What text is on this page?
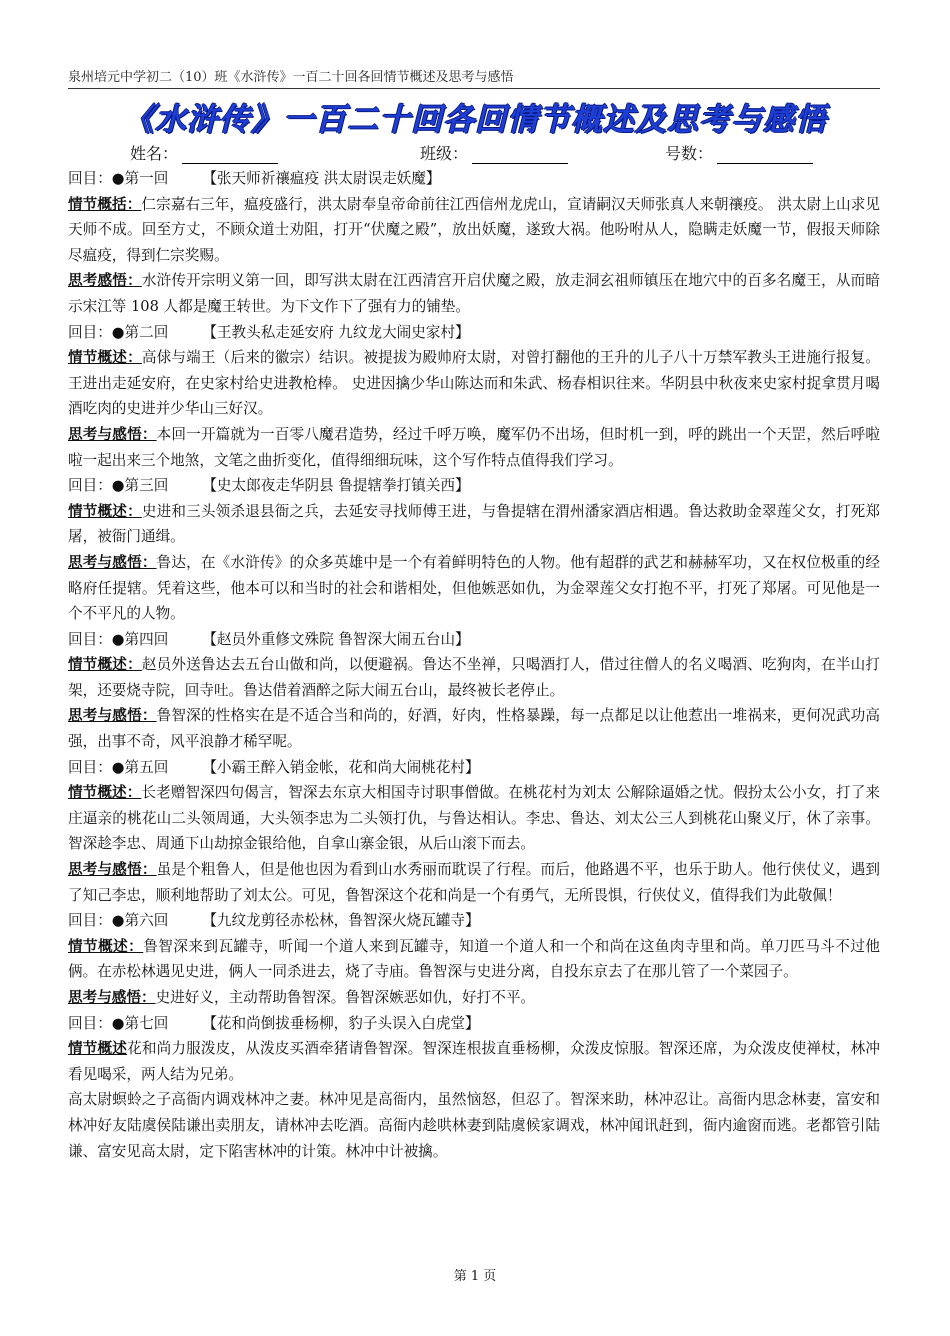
泉州培元中学初二（10）班《水浒传》一百二十回各回情节概述及思考与感悟
《水浒传》一百二十回各回情节概述及思考与感悟
姓名：	班级：	号数：

回目：●第一回 【张天师祈禳瘟疫 洪太尉误走妖魔】

情节概括：仁宗嘉右三年，瘟疫盛行，洪太尉奉皇帝命前往江西信州龙虎山，宣请嗣汉天师张真人来朝禳疫。 洪太尉上山求见天师不成。回至方丈，不顾众道士劝阻，打开“伏魔之殿”，放出妖魔，遂致大祸。他吩咐从人，隐瞒走妖魔一节，假报天师除尽瘟疫，得到仁宗奖赐。

思考感悟：水浒传开宗明义第一回，即写洪太尉在江西清宫开启伏魔之殿，放走洞玄祖师镇压在地穴中的百多名魔王，从而暗示宋江等 108 人都是魔王转世。为下文作下了强有力的铺垫。

回目：●第二回 【王教头私走延安府 九纹龙大闹史家村】

情节概述：高俅与端王（后来的徽宗）结识。被提拔为殿帅府太尉，对曾打翻他的王升的儿子八十万禁军教头王进施行报复。 王进出走延安府，在史家村给史进教枪棒。 史进因擒少华山陈达而和朱武、杨春相识往来。华阴县中秋夜来史家村捉拿贯月喝酒吃肉的史进并少华山三好汉。

思考与感悟：本回一开篇就为一百零八魔君造势，经过千呼万唤，魔军仍不出场，但时机一到，呼的跳出一个天罡，然后呼啦啦一起出来三个地煞，文笔之曲折变化，值得细细玩味，这个写作特点值得我们学习。

回目：●第三回 【史太郎夜走华阴县 鲁提辖拳打镇关西】

情节概述：史进和三头领杀退县衙之兵，去延安寻找师傅王进，与鲁提辖在渭州潘家酒店相遇。鲁达救助金翠莲父女，打死郑屠，被衙门通缉。

思考与感悟：鲁达，在《水浒传》的众多英雄中是一个有着鲜明特色的人物。他有超群的武艺和赫赫军功，又在权位极重的经略府任提辖。凭着这些，他本可以和当时的社会和谐相处，但他嫉恶如仇，为金翠莲父女打抱不平，打死了郑屠。可见他是一个不平凡的人物。

回目：●第四回 【赵员外重修文殊院 鲁智深大闹五台山】

情节概述：赵员外送鲁达去五台山做和尚，以便避祸。鲁达不坐禅，只喝酒打人，借过往僧人的名义喝酒、吃狗肉，在半山打架，还要烧寺院，回寺吐。鲁达借着酒醉之际大闹五台山，最终被长老停止。

思考与感悟：鲁智深的性格实在是不适合当和尚的，好酒，好肉，性格暴躁，每一点都足以让他惹出一堆祸来，更何况武功高强，出事不奇，风平浪静才稀罕呢。

回目：●第五回 【小霸王醉入销金帐，花和尚大闹桃花村】

情节概述：长老赠智深四句偈言，智深去东京大相国寺讨职事僧做。在桃花村为刘太 公解除逼婚之忧。假扮太公小女，打了来庄逼亲的桃花山二头领周通，大头领李忠为二头领打仇，与鲁达相认。李忠、鲁达、刘太公三人到桃花山聚义厅，休了亲事。智深趁李忠、周通下山劫掠金银给他，自拿山寨金银，从后山滚下而去。

思考与感悟：虽是个粗鲁人，但是他也因为看到山水秀丽而耽误了行程。而后，他路遇不平，也乐于助人。他行侠仗义，遇到了知己李忠，顺利地帮助了刘太公。可见，鲁智深这个花和尚是一个有勇气，无所畏惧，行侠仗义，值得我们为此敬佩！

回目：●第六回 【九纹龙剪径赤松林，鲁智深火烧瓦罐寺】

情节概述：鲁智深来到瓦罐寺，听闻一个道人来到瓦罐寺，知道一个道人和一个和尚在这鱼肉寺里和尚。单刀匹马斗不过他俩。在赤松林遇见史进，俩人一同杀进去，烧了寺庙。鲁智深与史进分离，自投东京去了在那儿管了一个菜园子。

思考与感悟：史进好义，主动帮助鲁智深。鲁智深嫉恶如仇，好打不平。

回目：●第七回 【花和尚倒拔垂杨柳，豹子头误入白虎堂】

情节概述花和尚力服泼皮，从泼皮买酒牵猪请鲁智深。智深连根拔直垂杨柳，众泼皮惊服。智深还席，为众泼皮使禅杖，林冲看见喝采，两人结为兄弟。

高太尉螟蛉之子高衙内调戏林冲之妻。林冲见是高衙内，虽然恼怒，但忍了。智深来助，林冲忍让。高衙内思念林妻，富安和林冲好友陆虞侯陆谦出卖朋友，请林冲去吃酒。高衙内趁哄林妻到陆虞候家调戏，林冲闻讯赶到，衙内逾窗而逃。老都管引陆谦、富安见高太尉，定下陷害林冲的计策。林冲中计被擒。

第 1 页
